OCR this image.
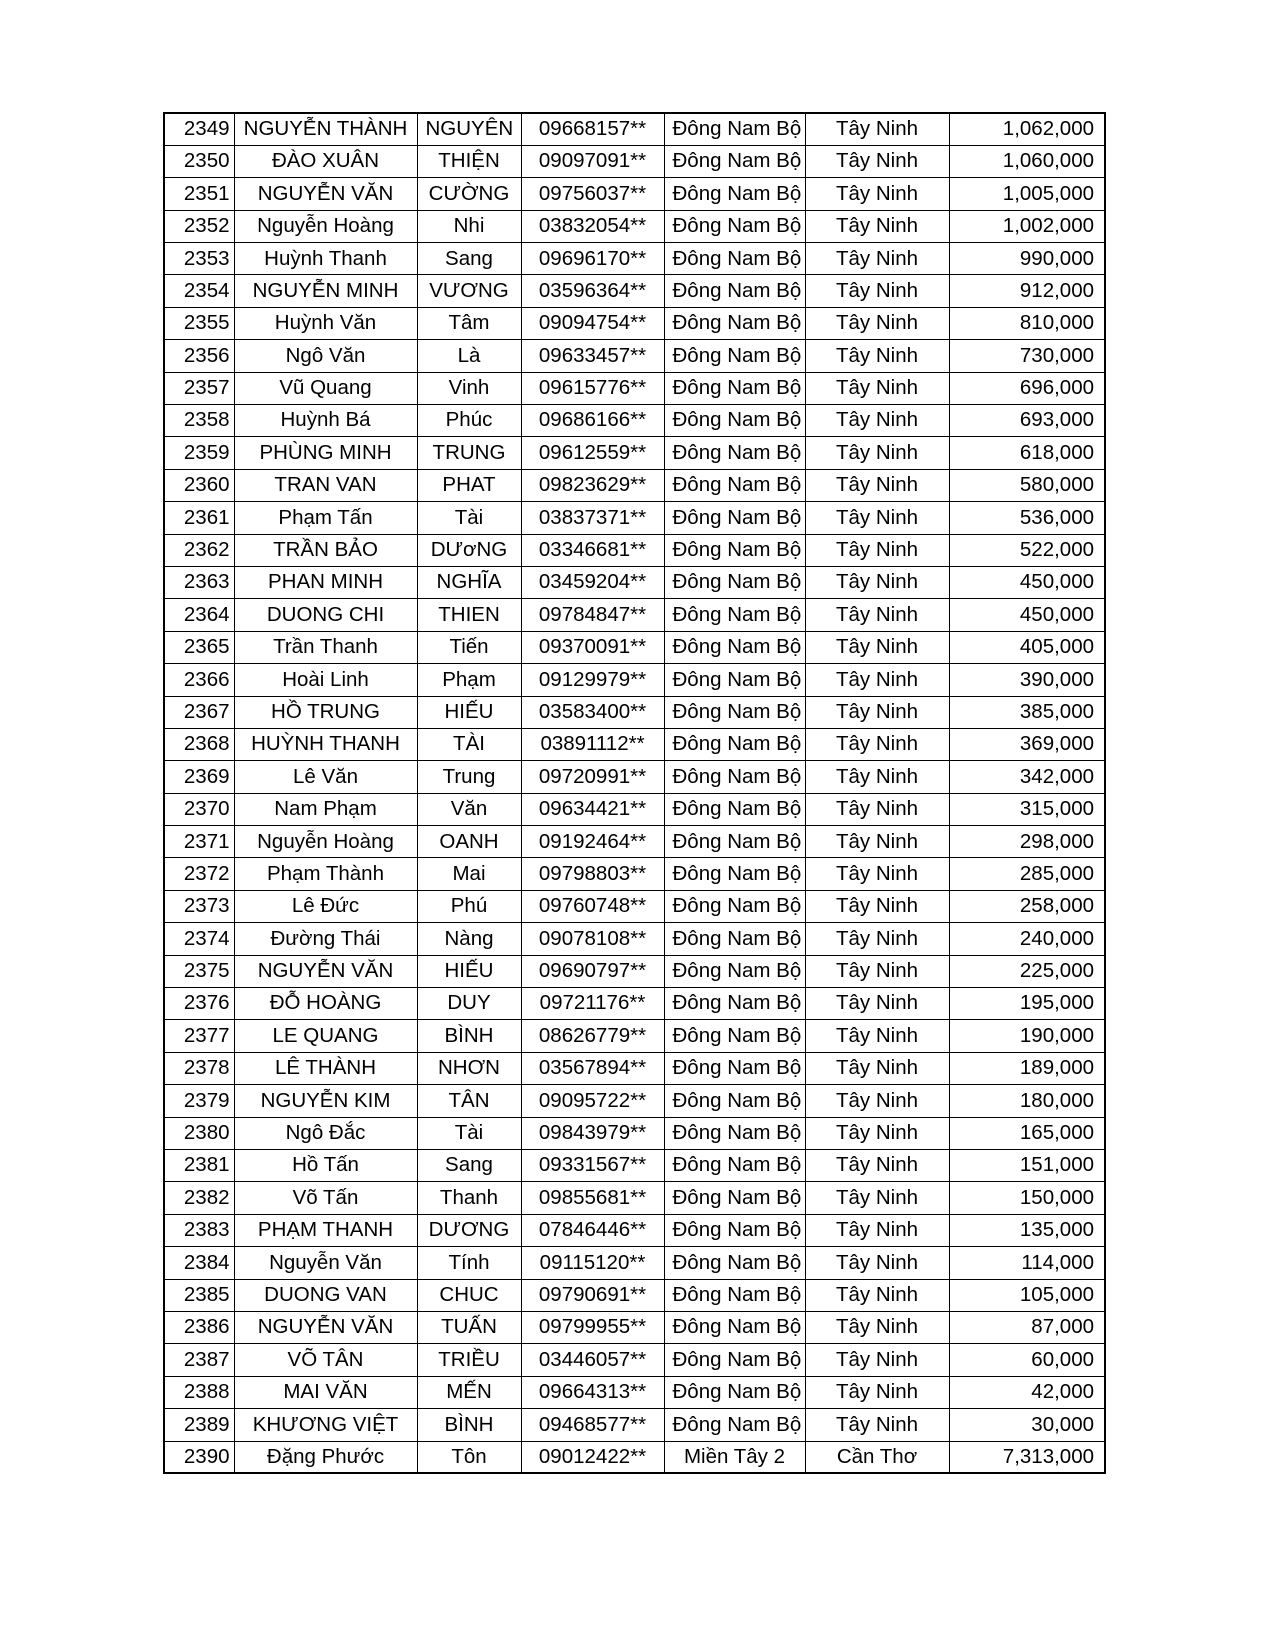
2349	NGUYỄN THÀNH	NGUYÊN	09668157**	Đông Nam Bộ	Tây Ninh	1,062,000
2350	ĐÀO XUÂN	THIỆN	09097091**	Đông Nam Bộ	Tây Ninh	1,060,000
2351	NGUYỄN VĂN	CƯỜNG	09756037**	Đông Nam Bộ	Tây Ninh	1,005,000
2352	Nguyễn Hoàng	Nhi	03832054**	Đông Nam Bộ	Tây Ninh	1,002,000
2353	Huỳnh Thanh	Sang	09696170**	Đông Nam Bộ	Tây Ninh	990,000
2354	NGUYỄN MINH	VƯƠNG	03596364**	Đông Nam Bộ	Tây Ninh	912,000
2355	Huỳnh Văn	Tâm	09094754**	Đông Nam Bộ	Tây Ninh	810,000
2356	Ngô Văn	Là	09633457**	Đông Nam Bộ	Tây Ninh	730,000
2357	Vũ Quang	Vinh	09615776**	Đông Nam Bộ	Tây Ninh	696,000
2358	Huỳnh Bá	Phúc	09686166**	Đông Nam Bộ	Tây Ninh	693,000
2359	PHÙNG MINH	TRUNG	09612559**	Đông Nam Bộ	Tây Ninh	618,000
2360	TRAN VAN	PHAT	09823629**	Đông Nam Bộ	Tây Ninh	580,000
2361	Phạm Tấn	Tài	03837371**	Đông Nam Bộ	Tây Ninh	536,000
2362	TRẦN BẢO	DƯơNG	03346681**	Đông Nam Bộ	Tây Ninh	522,000
2363	PHAN MINH	NGHĨA	03459204**	Đông Nam Bộ	Tây Ninh	450,000
2364	DUONG CHI	THIEN	09784847**	Đông Nam Bộ	Tây Ninh	450,000
2365	Trần Thanh	Tiến	09370091**	Đông Nam Bộ	Tây Ninh	405,000
2366	Hoài Linh	Phạm	09129979**	Đông Nam Bộ	Tây Ninh	390,000
2367	HỒ TRUNG	HIẾU	03583400**	Đông Nam Bộ	Tây Ninh	385,000
2368	HUỲNH THANH	TÀI	03891112**	Đông Nam Bộ	Tây Ninh	369,000
2369	Lê Văn	Trung	09720991**	Đông Nam Bộ	Tây Ninh	342,000
2370	Nam Phạm	Văn	09634421**	Đông Nam Bộ	Tây Ninh	315,000
2371	Nguyễn Hoàng	OANH	09192464**	Đông Nam Bộ	Tây Ninh	298,000
2372	Phạm Thành	Mai	09798803**	Đông Nam Bộ	Tây Ninh	285,000
2373	Lê Đức	Phú	09760748**	Đông Nam Bộ	Tây Ninh	258,000
2374	Đường Thái	Nàng	09078108**	Đông Nam Bộ	Tây Ninh	240,000
2375	NGUYỄN VĂN	HIẾU	09690797**	Đông Nam Bộ	Tây Ninh	225,000
2376	ĐỖ HOÀNG	DUY	09721176**	Đông Nam Bộ	Tây Ninh	195,000
2377	LE QUANG	BÌNH	08626779**	Đông Nam Bộ	Tây Ninh	190,000
2378	LÊ THÀNH	NHƠN	03567894**	Đông Nam Bộ	Tây Ninh	189,000
2379	NGUYỄN KIM	TÂN	09095722**	Đông Nam Bộ	Tây Ninh	180,000
2380	Ngô Đắc	Tài	09843979**	Đông Nam Bộ	Tây Ninh	165,000
2381	Hồ Tấn	Sang	09331567**	Đông Nam Bộ	Tây Ninh	151,000
2382	Võ Tấn	Thanh	09855681**	Đông Nam Bộ	Tây Ninh	150,000
2383	PHẠM THANH	DƯƠNG	07846446**	Đông Nam Bộ	Tây Ninh	135,000
2384	Nguyễn Văn	Tính	09115120**	Đông Nam Bộ	Tây Ninh	114,000
2385	DUONG VAN	CHUC	09790691**	Đông Nam Bộ	Tây Ninh	105,000
2386	NGUYỄN VĂN	TUẤN	09799955**	Đông Nam Bộ	Tây Ninh	87,000
2387	VÕ TÂN	TRIỀU	03446057**	Đông Nam Bộ	Tây Ninh	60,000
2388	MAI VĂN	MẾN	09664313**	Đông Nam Bộ	Tây Ninh	42,000
2389	KHƯƠNG VIỆT	BÌNH	09468577**	Đông Nam Bộ	Tây Ninh	30,000
2390	Đặng Phước	Tôn	09012422**	Miền Tây 2	Cần Thơ	7,313,000
